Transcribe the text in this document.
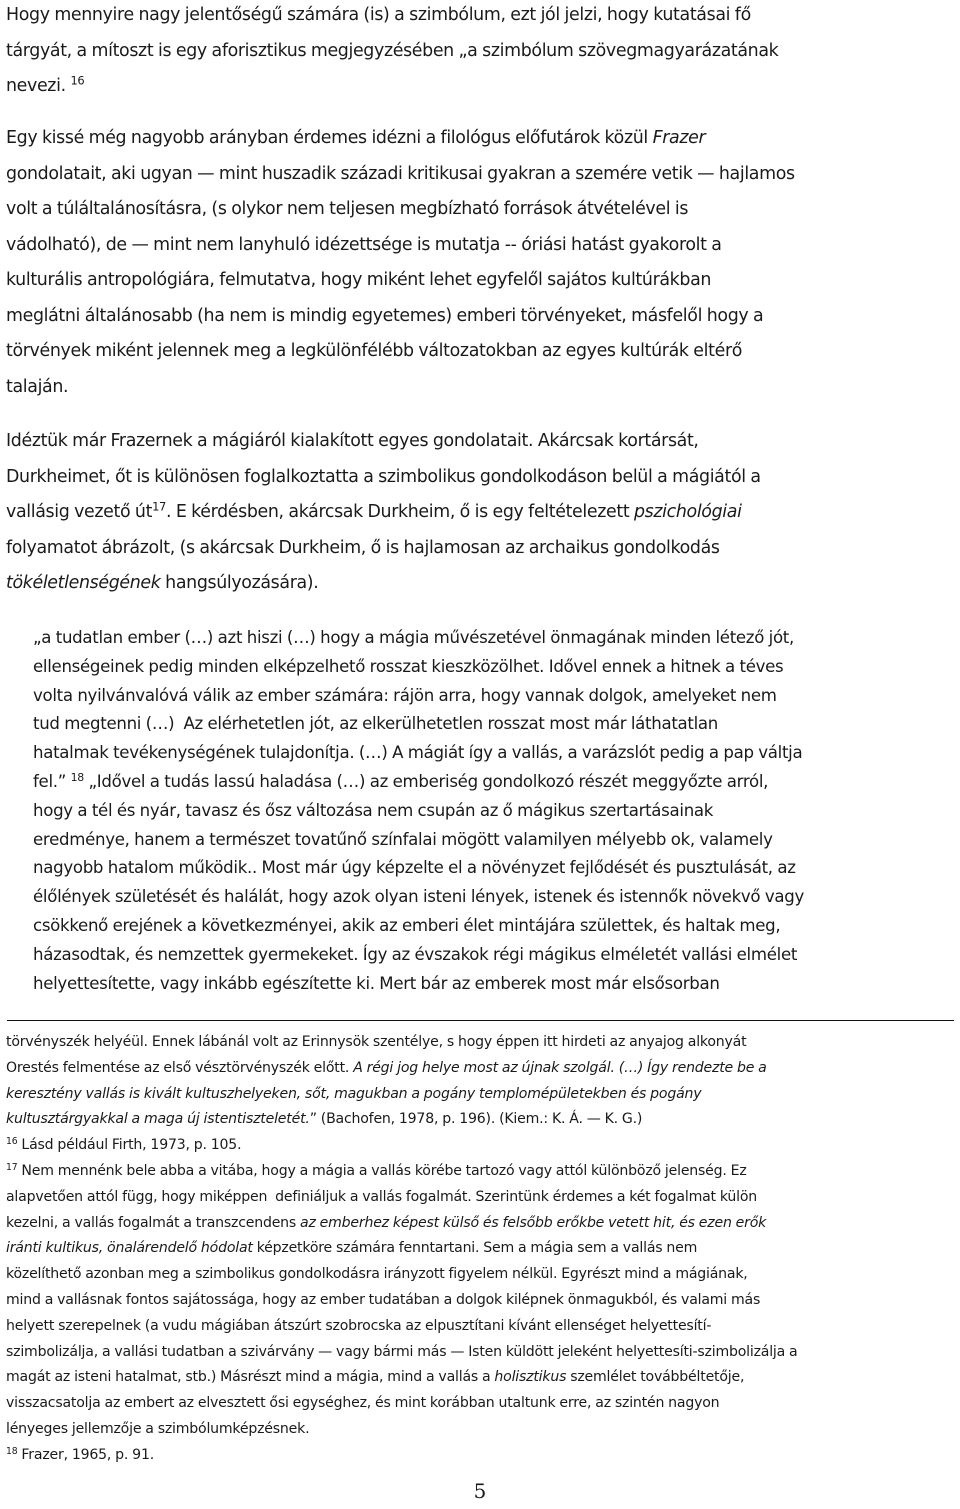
Hogy mennyire nagy jelentőségű számára (is) a szimbólum, ezt jól jelzi, hogy kutatásai fő
tárgyát, a mítoszt is egy aforisztikus megjegyzésében „a szimbólum szövegmagyarázatának
nevezi. $^{16}$
Egy kissé még nagyobb arányban érdemes idézni a filológus előfutárok közül Frazer
gondolatait, aki ugyan — mint huszadik századi kritikusai gyakran a szemére vetik — hajlamos
volt a túláltalánosításra, (s olykor nem teljesen megbízható források átvételével is
vádolható), de — mint nem lanyhuló idézettsége is mutatja -- óriási hatást gyakorolt a
kulturális antropológiára, felmutatva, hogy miként lehet egyfelől sajátos kultúrákban
meglátni általánosabb (ha nem is mindig egyetemes) emberi törvényeket, másfelől hogy a
törvények miként jelennek meg a legkülönfélébb változatokban az egyes kultúrák eltérő
talaján.
Idéztük már Frazernek a mágiáról kialakított egyes gondolatait. Akárcsak kortársát,
Durkheimet, őt is különösen foglalkoztatta a szimbolikus gondolkodáson belül a mágiától a
vallásig vezető $út^{17}$. E kérdésben, akárcsak Durkheim, ő is egy feltételezett pszichológiai
folyamatot ábrázolt, (s akárcsak Durkheim, ő is hajlamosan az archaikus gondolkodás
tökéletlenségének hangsúlyozására).
„a tudatlan ember (…) azt hiszi (…) hogy a mágia művészetével önmagának minden létező jót,
ellenségeinek pedig minden elképzelhető rosszat kieszközölhet. Idővel ennek a hitnek a téves
volta nyilvánvalóvá válik az ember számára: rájön arra, hogy vannak dolgok, amelyeket nem
tud megtenni (…)  Az elérhetetlen jót, az elkerülhetetlen rosszat most már láthatatlan
hatalmak tevékenységének tulajdonítja. (…) A mágiát így a vallás, a varázslót pedig a pap váltja
fel.” $^{18}$ „Idővel a tudás lassú haladása (…) az emberiség gondolkozó részét meggyőzte arról,
hogy a tél és nyár, tavasz és ősz változása nem csupán az ő mágikus szertartásainak
eredménye, hanem a természet tovatűnő színfalai mögött valamilyen mélyebb ok, valamely
nagyobb hatalom működik.. Most már úgy képzelte el a növényzet fejlődését és pusztulását, az
élőlények születését és halálát, hogy azok olyan isteni lények, istenek és istennők növekvő vagy
csökkenő erejének a következményei, akik az emberi élet mintájára születtek, és haltak meg,
házasodtak, és nemzettek gyermekeket. Így az évszakok régi mágikus elméletét vallási elmélet
helyettesítette, vagy inkább egészítette ki. Mert bár az emberek most már elsősorban
törvényszék helyéül. Ennek lábánál volt az Erinnysök szentélye, s hogy éppen itt hirdeti az anyajog alkonyát
Orestés felmentése az első vésztörvényszék előtt. A régi jog helye most az újnak szolgál. (…) Így rendezte be a
keresztény vallás is kivált kultuszhelyeken, sőt, magukban a pogány templomépületekben és pogány
kultusztárgyakkal a maga új istentiszteletét.” (Bachofen, 1978, p. 196). (Kiem.: K. Á. — K. G.)
$^{16}$ Lásd például Firth, 1973, p. 105.
$^{17}$ Nem mennénk bele abba a vitába, hogy a mágia a vallás körébe tartozó vagy attól különböző jelenség. Ez
alapvetően attól függ, hogy miképpen  definiáljuk a vallás fogalmát. Szerintünk érdemes a két fogalmat külön
kezelni, a vallás fogalmát a transzcendens az emberhez képest külső és felsőbb erőkbe vetett hit, és ezen erők
iránti kultikus, önalárendelő hódolat képzetköre számára fenntartani. Sem a mágia sem a vallás nem
közelíthető azonban meg a szimbolikus gondolkodásra irányzott figyelem nélkül. Egyrészt mind a mágiának,
mind a vallásnak fontos sajátossága, hogy az ember tudatában a dolgok kilépnek önmagukból, és valami más
helyett szerepelnek (a vudu mágiában átszúrt szobrocska az elpusztítani kívánt ellenséget helyettesítí-
szimbolizálja, a vallási tudatban a szivárvány — vagy bármi más — Isten küldött jeleként helyettesíti-szimbolizálja a
magát az isteni hatalmat, stb.) Másrészt mind a mágia, mind a vallás a holisztikus szemlélet továbbéltetője,
visszacsatolja az embert az elvesztett ősi egységhez, és mint korábban utaltunk erre, az szintén nagyon
lényeges jellemzője a szimbólumképzésnek.
$^{18}$ Frazer, 1965, p. 91.
5
